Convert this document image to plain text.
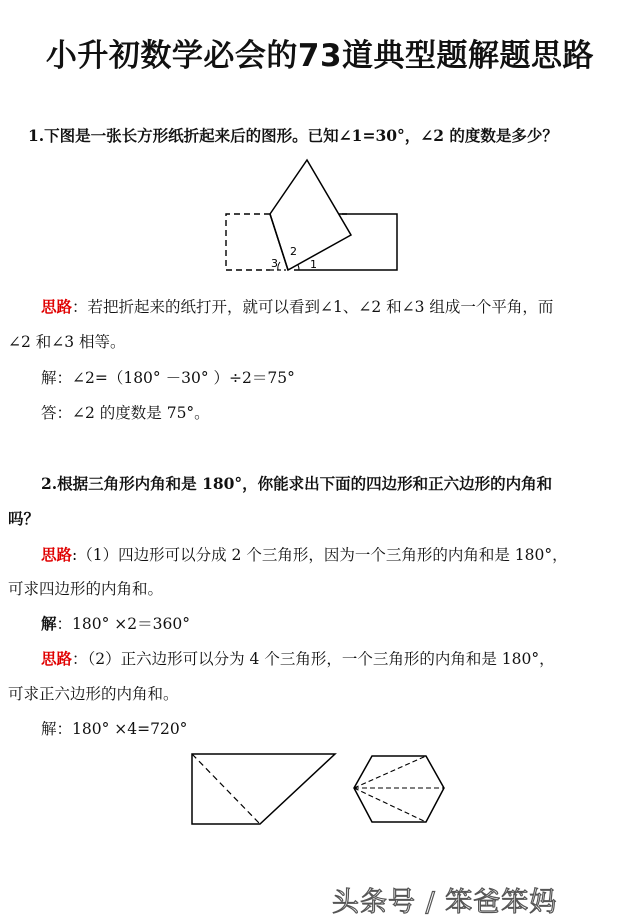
小升初数学必会的73道典型题解题思路
1.下图是一张长方形纸折起来后的图形。已知∠1=30°，∠2 的度数是多少？
3
2
1
思路：若把折起来的纸打开，就可以看到∠1、∠2 和∠3 组成一个平角，而
∠2 和∠3 相等。
解：∠2=（180° －30° ）÷2＝75°
答：∠2 的度数是 75°。
2.根据三角形内角和是 180°，你能求出下面的四边形和正六边形的内角和
吗？
思路:（1）四边形可以分成 2 个三角形，因为一个三角形的内角和是 180°，
可求四边形的内角和。
解：180° ×2＝360°
思路：（2）正六边形可以分为 4 个三角形，一个三角形的内角和是 180°，
可求正六边形的内角和。
解：180° ×4=720°
头条号 / 笨爸笨妈
